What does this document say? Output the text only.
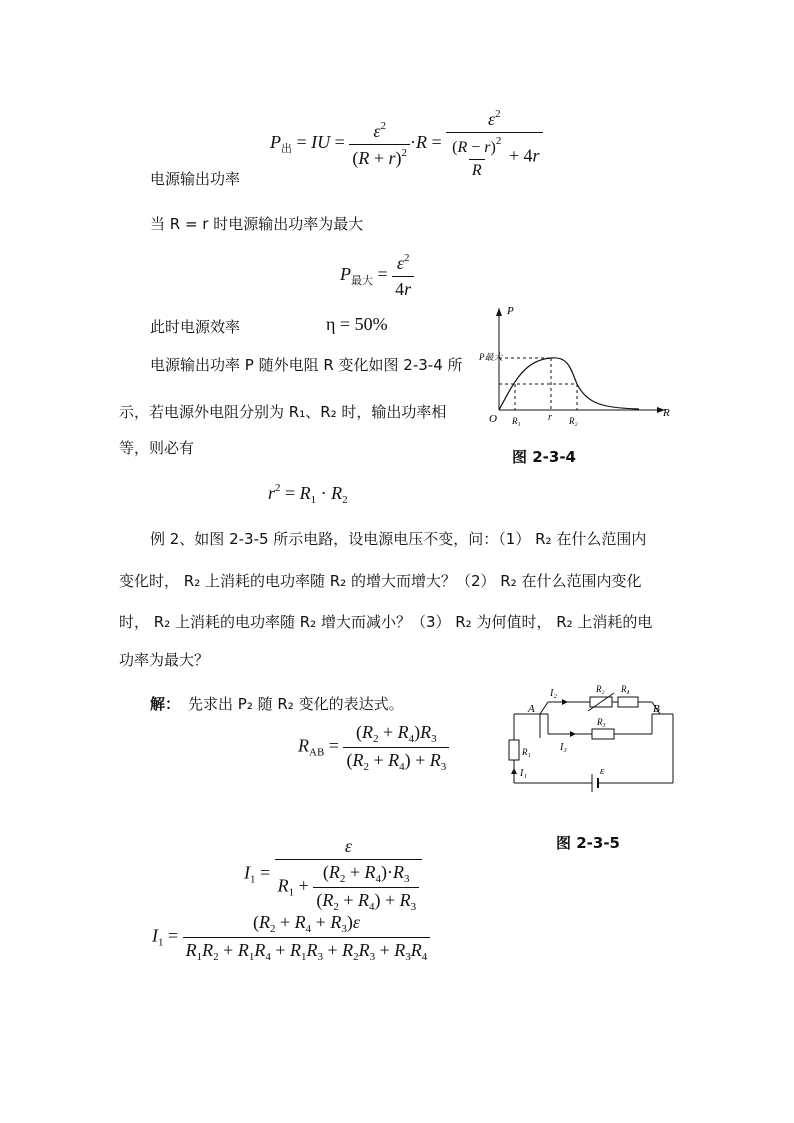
$P_出$ = IU = $\frac{\varepsilon^2}{(R + r)^2} \cdot R = \frac{\varepsilon^2}{\frac{(R - r)^2}{R} + 4r}$
电源输出功率
当 R = r 时电源输出功率为最大
$P_{最大} = \frac{\varepsilon^2}{4r}$
此时电源效率	η = 50%
电源输出功率 P 随外电阻 R 变化如图 2-3-4 所
示，若电源外电阻分别为 R₁、R₂ 时，输出功率相
等，则必有
$r^2 = R_1 \cdot R_2$
P
R
O
P最大
R₁	r R₂
图 2-3-4
例 2、如图 2-3-5 所示电路，设电源电压不变，问：（1） R₂ 在什么范围内
变化时， R₂ 上消耗的电功率随 R₂ 的增大而增大？（2） R₂ 在什么范围内变化
时， R₂ 上消耗的电功率随 R₂ 增大而减小？（3） R₂ 为何值时， R₂ 上消耗的电
功率为最大？
解： 先求出 P₂ 随 R₂ 变化的表达式。
$R_{AB} = \frac{(R_2 + R_4)R_3}{(R_2 + R_4) + R_3}$
I₂	R₂ R₄
R₃
I₃
A	B
R₁
I₁	ε
图 2-3-5
$I_1 = \frac{\varepsilon}{R_1 + \frac{(R_2 + R_4)\cdot R_3}{(R_2 + R_4) + R_3}}$
$I_1 = \frac{(R_2 + R_4 + R_3)\varepsilon}{R_1R_2 + R_1R_4 + R_1R_3 + R_2R_3 + R_3R_4}$
